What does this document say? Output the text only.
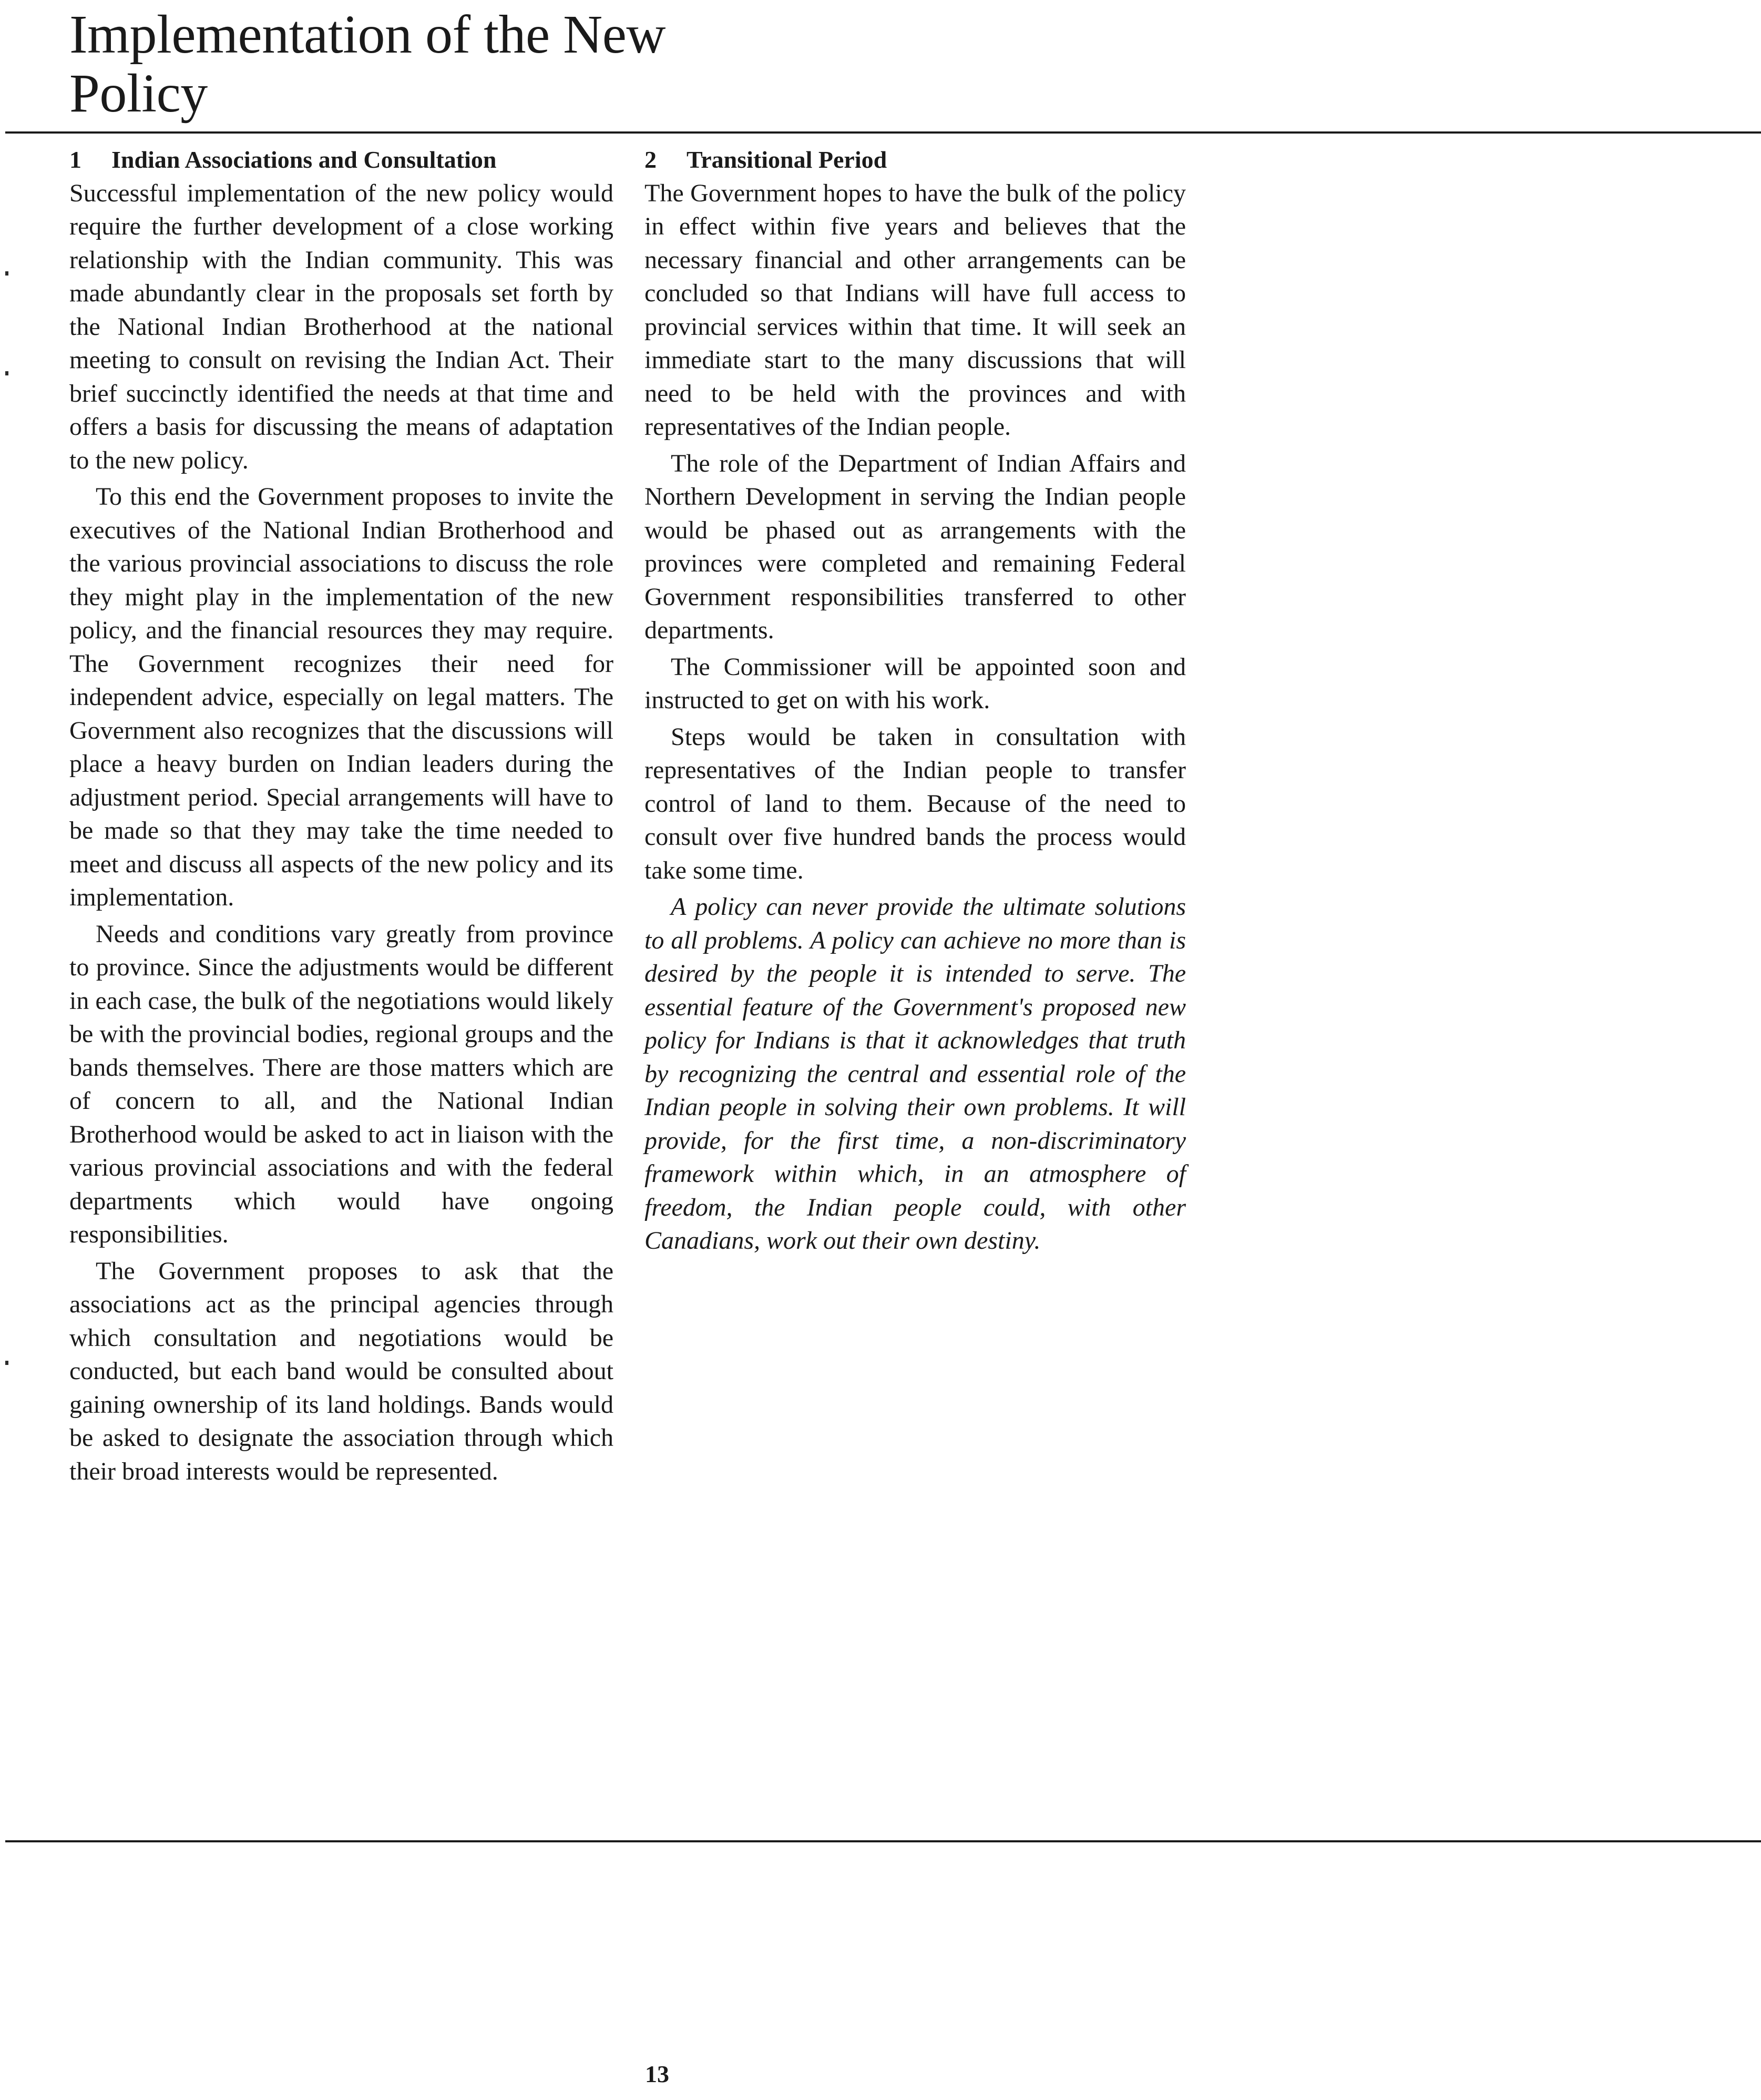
Implementation of the New Policy

1 Indian Associations and Consultation

Successful implementation of the new policy would require the further development of a close working relationship with the Indian community. This was made abundantly clear in the proposals set forth by the National Indian Brotherhood at the national meeting to consult on revising the Indian Act. Their brief succinctly identified the needs at that time and offers a basis for discussing the means of adaptation to the new policy.

To this end the Government proposes to invite the executives of the National Indian Brotherhood and the various provincial associations to discuss the role they might play in the implementation of the new policy, and the financial resources they may require. The Government recognizes their need for independent advice, especially on legal matters. The Government also recognizes that the discussions will place a heavy burden on Indian leaders during the adjustment period. Special arrangements will have to be made so that they may take the time needed to meet and discuss all aspects of the new policy and its implementation.

Needs and conditions vary greatly from province to province. Since the adjustments would be different in each case, the bulk of the negotiations would likely be with the provincial bodies, regional groups and the bands themselves. There are those matters which are of concern to all, and the National Indian Brotherhood would be asked to act in liaison with the various provincial associations and with the federal departments which would have ongoing responsibilities.

The Government proposes to ask that the associations act as the principal agencies through which consultation and negotiations would be conducted, but each band would be consulted about gaining ownership of its land holdings. Bands would be asked to designate the association through which their broad interests would be represented.

2 Transitional Period

The Government hopes to have the bulk of the policy in effect within five years and believes that the necessary financial and other arrangements can be concluded so that Indians will have full access to provincial services within that time. It will seek an immediate start to the many discussions that will need to be held with the provinces and with representatives of the Indian people.

The role of the Department of Indian Affairs and Northern Development in serving the Indian people would be phased out as arrangements with the provinces were completed and remaining Federal Government responsibilities transferred to other departments.

The Commissioner will be appointed soon and instructed to get on with his work.

Steps would be taken in consultation with representatives of the Indian people to transfer control of land to them. Because of the need to consult over five hundred bands the process would take some time.

A policy can never provide the ultimate solutions to all problems. A policy can achieve no more than is desired by the people it is intended to serve. The essential feature of the Government's proposed new policy for Indians is that it acknowledges that truth by recognizing the central and essential role of the Indian people in solving their own problems. It will provide, for the first time, a non-discriminatory framework within which, in an atmosphere of freedom, the Indian people could, with other Canadians, work out their own destiny.

13
